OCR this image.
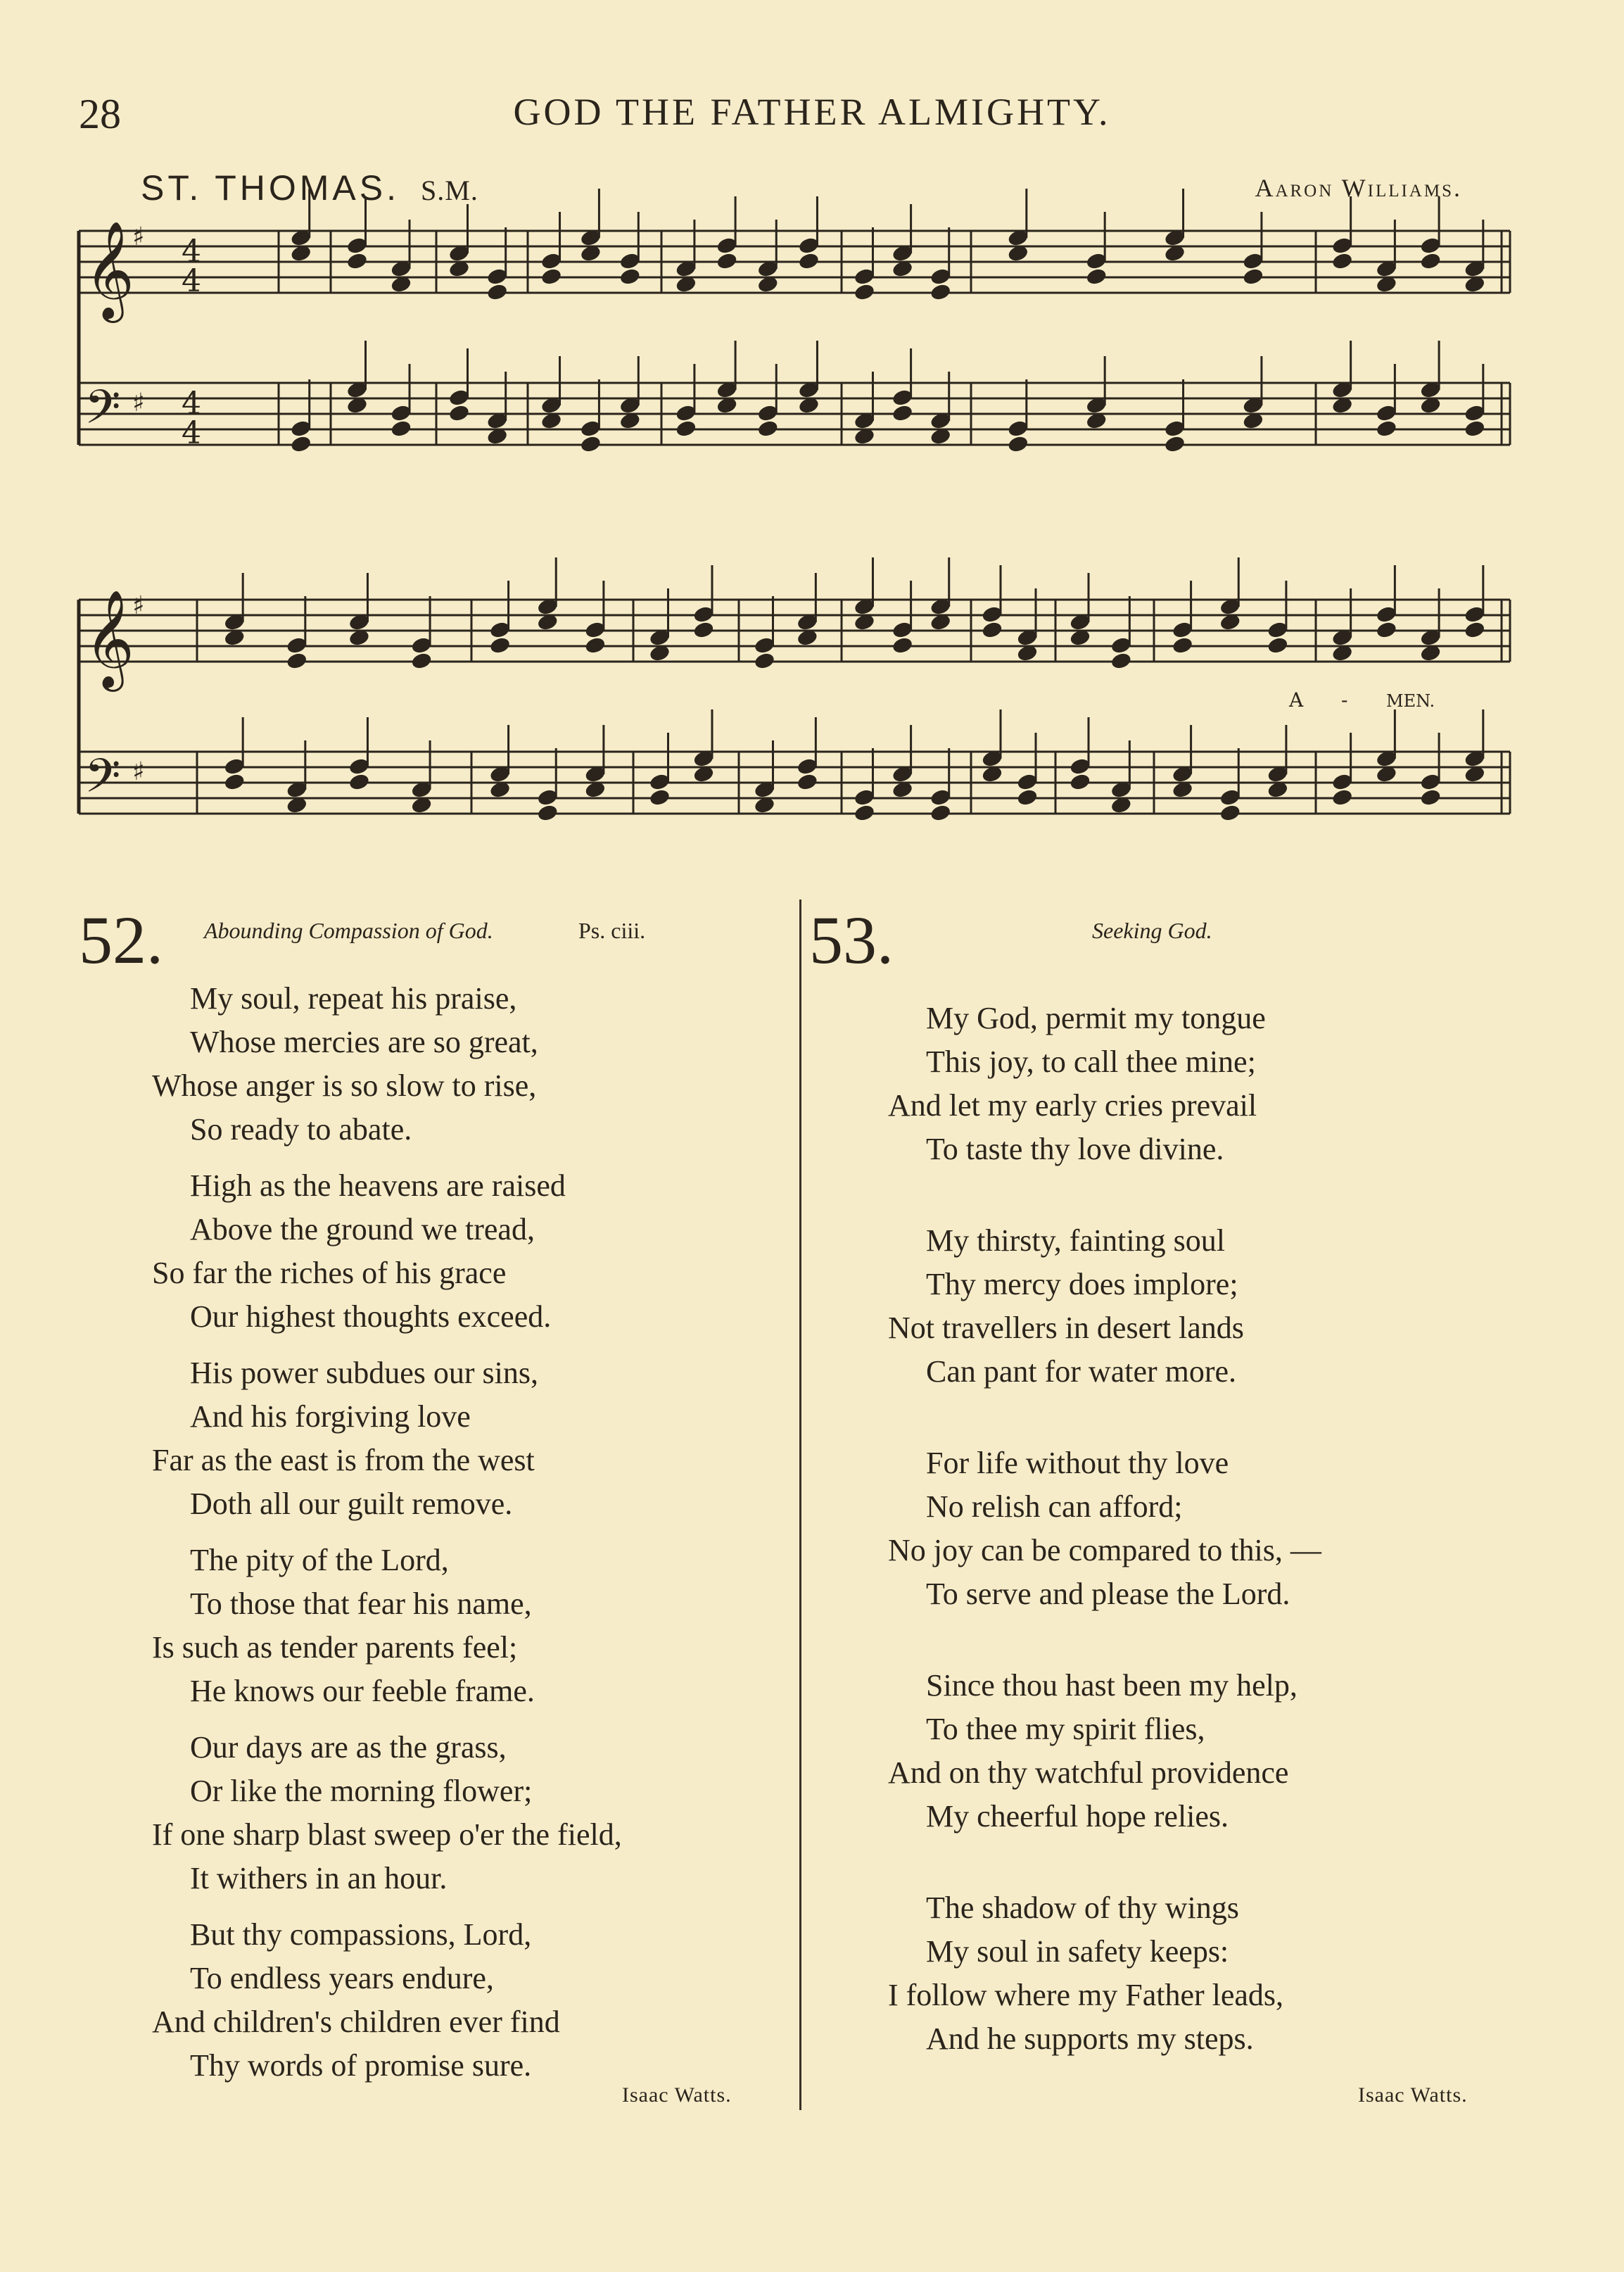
28	GOD THE FATHER ALMIGHTY.
ST. THOMAS. S.M.	Aaron Williams.
𝄞
♯
𝄢 ♯
𝄞
♯
𝄢 ♯
4
4
4
4
A - MEN.
52. Abounding Compassion of God.	Ps. ciii.
My soul, repeat his praise,
Whose mercies are so great,
Whose anger is so slow to rise,
So ready to abate.
High as the heavens are raised
Above the ground we tread,
So far the riches of his grace
Our highest thoughts exceed.
His power subdues our sins,
And his forgiving love
Far as the east is from the west
Doth all our guilt remove.
The pity of the Lord,
To those that fear his name,
Is such as tender parents feel;
He knows our feeble frame.
Our days are as the grass,
Or like the morning flower;
If one sharp blast sweep o'er the field,
It withers in an hour.
But thy compassions, Lord,
To endless years endure,
And children's children ever find
Thy words of promise sure.
Isaac Watts.
53.	Seeking God.
My God, permit my tongue
This joy, to call thee mine;
And let my early cries prevail
To taste thy love divine.
My thirsty, fainting soul
Thy mercy does implore;
Not travellers in desert lands
Can pant for water more.
For life without thy love
No relish can afford;
No joy can be compared to this, —
To serve and please the Lord.
Since thou hast been my help,
To thee my spirit flies,
And on thy watchful providence
My cheerful hope relies.
The shadow of thy wings
My soul in safety keeps:
I follow where my Father leads,
And he supports my steps.
Isaac Watts.
